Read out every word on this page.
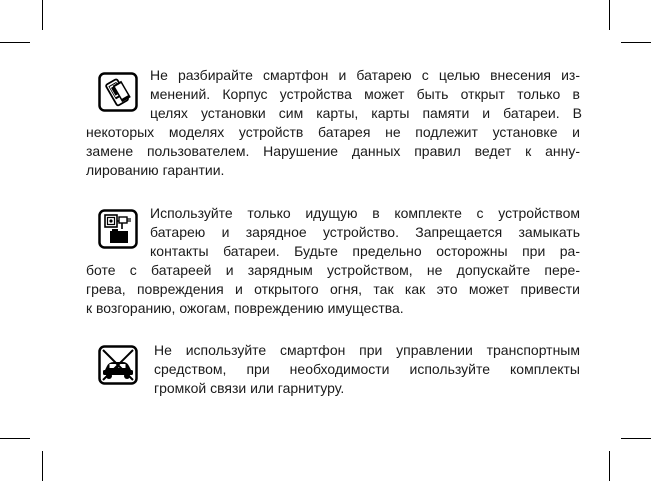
Не разбирайте смартфон и батарею с целью внесения из-
менений. Корпус устройства может быть открыт только в
целях установки сим карты, карты памяти и батареи. В
некоторых моделях устройств батарея не подлежит установке и
замене пользователем. Нарушение данных правил ведет к анну-
лированию гарантии.

Используйте только идущую в комплекте с устройством
батарею и зарядное устройство. Запрещается замыкать
контакты батареи. Будьте предельно осторожны при ра-
боте с батареей и зарядным устройством, не допускайте пере-
грева, повреждения и открытого огня, так как это может привести
к возгоранию, ожогам, повреждению имущества.

Не используйте смартфон при управлении транспортным
средством, при необходимости используйте комплекты
громкой связи или гарнитуру.
